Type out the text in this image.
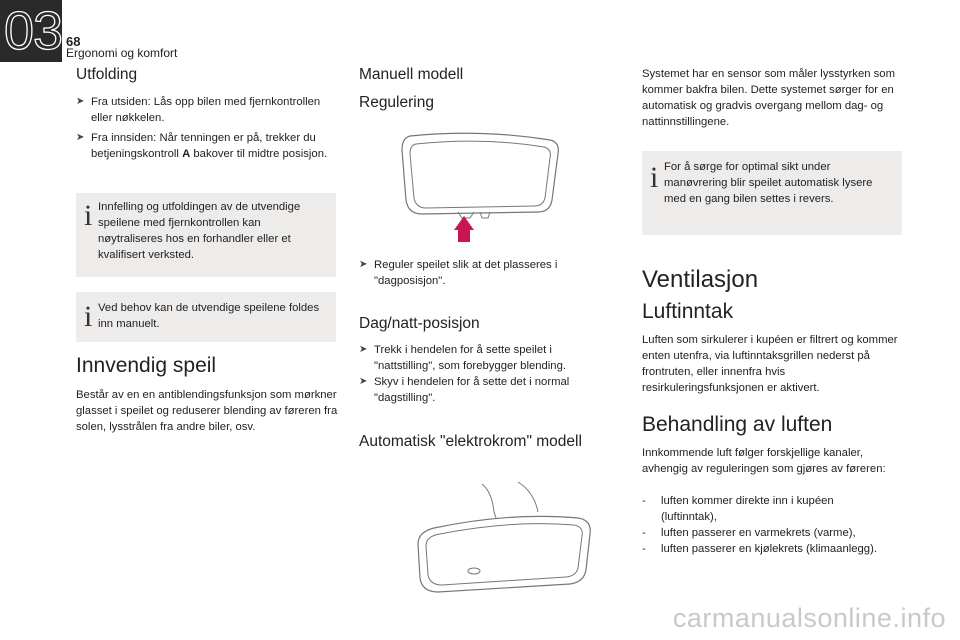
03 68
Ergonomi og komfort
Utfolding
➤ Fra utsiden: Lås opp bilen med fjernkontrollen eller nøkkelen.
➤ Fra innsiden: Når tenningen er på, trekker du betjeningskontroll A bakover til midtre posisjon.
i Innfelling og utfoldingen av de utvendige speilene med fjernkontrollen kan nøytraliseres hos en forhandler eller et kvalifisert verksted.
i Ved behov kan de utvendige speilene foldes inn manuelt.
Innvendig speil
Består av en en antiblendingsfunksjon som mørkner glasset i speilet og reduserer blending av føreren fra solen, lysstrålen fra andre biler, osv.
Manuell modell
Regulering
➤ Reguler speilet slik at det plasseres i "dagposisjon".
Dag/natt-posisjon
➤ Trekk i hendelen for å sette speilet i "nattstilling", som forebygger blending.
➤ Skyv i hendelen for å sette det i normal "dagstilling".
Automatisk "elektrokrom" modell
Systemet har en sensor som måler lysstyrken som kommer bakfra bilen. Dette systemet sørger for en automatisk og gradvis overgang mellom dag- og nattinnstillingene.
i For å sørge for optimal sikt under manøvrering blir speilet automatisk lysere med en gang bilen settes i revers.
Ventilasjon
Luftinntak
Luften som sirkulerer i kupéen er filtrert og kommer enten utenfra, via luftinntaksgrillen nederst på frontruten, eller innenfra hvis resirkuleringsfunksjonen er aktivert.
Behandling av luften
Innkommende luft følger forskjellige kanaler, avhengig av reguleringen som gjøres av føreren:
- luften kommer direkte inn i kupéen (luftinntak),
- luften passerer en varmekrets (varme),
- luften passerer en kjølekrets (klimaanlegg).
carmanualsonline.info
